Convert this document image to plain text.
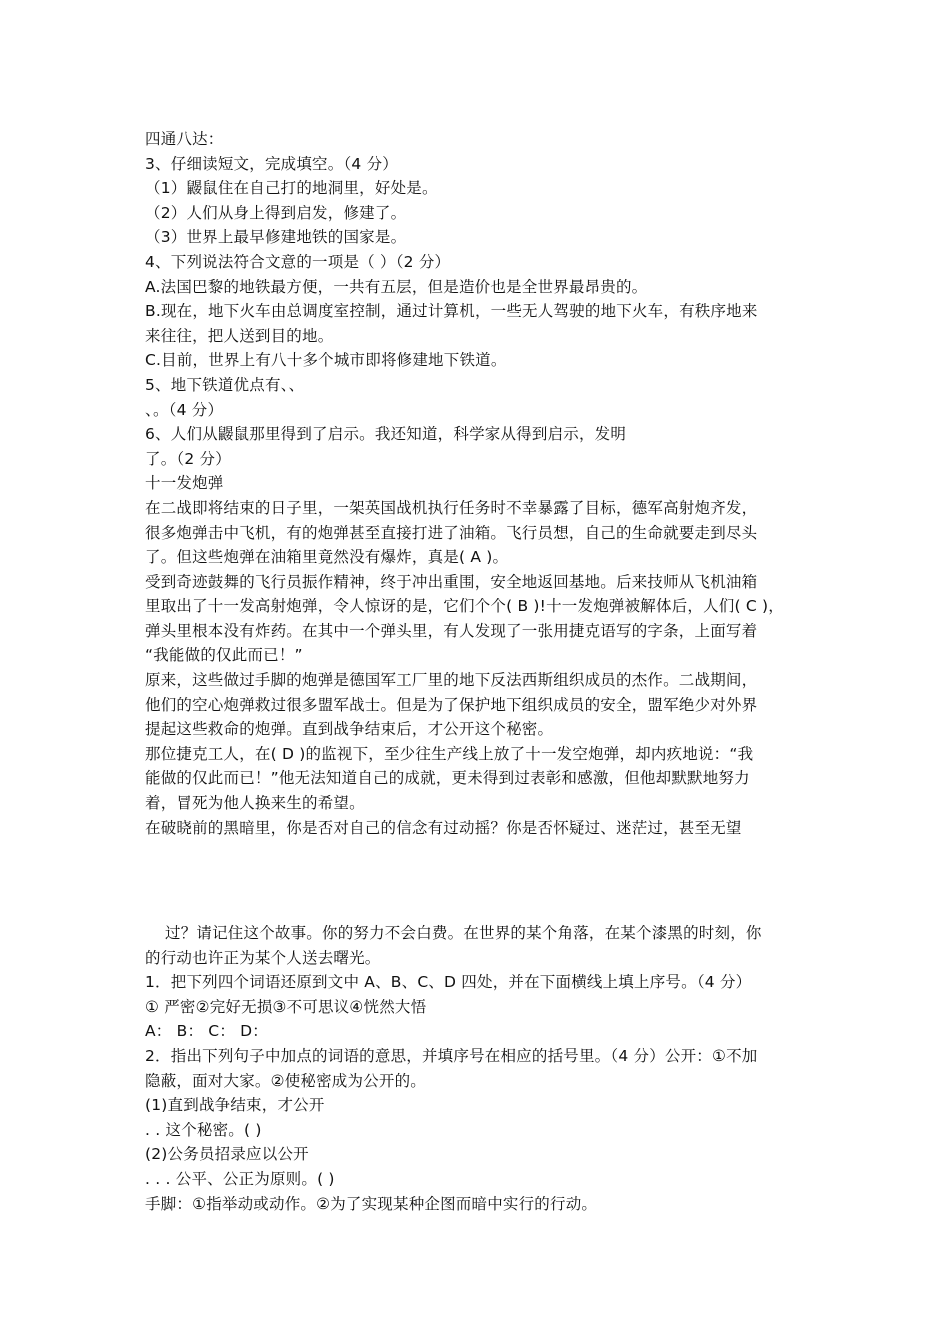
四通八达：
3、仔细读短文，完成填空。（4 分）
（1）鼹鼠住在自己打的地洞里，好处是。
（2）人们从身上得到启发，修建了。
（3）世界上最早修建地铁的国家是。
4、下列说法符合文意的一项是（ ）（2 分）
A.法国巴黎的地铁最方便，一共有五层，但是造价也是全世界最昂贵的。
B.现在，地下火车由总调度室控制，通过计算机，一些无人驾驶的地下火车，有秩序地来
来往往，把人送到目的地。
C.目前，世界上有八十多个城市即将修建地下铁道。
5、地下铁道优点有、、
、。（4 分）
6、人们从鼹鼠那里得到了启示。我还知道，科学家从得到启示，发明
了。（2 分）
十一发炮弹
在二战即将结束的日子里，一架英国战机执行任务时不幸暴露了目标，德军高射炮齐发，
很多炮弹击中飞机，有的炮弹甚至直接打进了油箱。飞行员想，自己的生命就要走到尽头
了。但这些炮弹在油箱里竟然没有爆炸，真是( A )。
受到奇迹鼓舞的飞行员振作精神，终于冲出重围，安全地返回基地。后来技师从飞机油箱
里取出了十一发高射炮弹，令人惊讶的是，它们个个( B )!十一发炮弹被解体后，人们( C )，
弹头里根本没有炸药。在其中一个弹头里，有人发现了一张用捷克语写的字条，上面写着
“我能做的仅此而已！”
原来，这些做过手脚的炮弹是德国军工厂里的地下反法西斯组织成员的杰作。二战期间，
他们的空心炮弹救过很多盟军战士。但是为了保护地下组织成员的安全，盟军绝少对外界
提起这些救命的炮弹。直到战争结束后，才公开这个秘密。
那位捷克工人，在( D )的监视下，至少往生产线上放了十一发空炮弹，却内疚地说：“我
能做的仅此而已！”他无法知道自己的成就，更未得到过表彰和感激，但他却默默地努力
着，冒死为他人换来生的希望。
在破晓前的黑暗里，你是否对自己的信念有过动摇？你是否怀疑过、迷茫过，甚至无望
过？请记住这个故事。你的努力不会白费。在世界的某个角落，在某个漆黑的时刻，你
的行动也许正为某个人送去曙光。
1．把下列四个词语还原到文中 A、B、C、D 四处，并在下面横线上填上序号。（4 分）
① 严密②完好无损③不可思议④恍然大悟
A： B： C： D：
2．指出下列句子中加点的词语的意思，并填序号在相应的括号里。（4 分）公开：①不加
隐蔽，面对大家。②使秘密成为公开的。
(1)直到战争结束，才公开
. . 这个秘密。( )
(2)公务员招录应以公开
. . . 公平、公正为原则。( )
手脚：①指举动或动作。②为了实现某种企图而暗中实行的行动。
